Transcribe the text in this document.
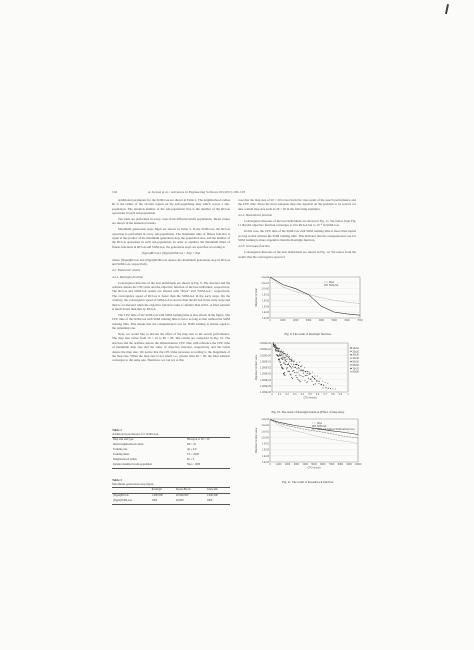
102	A. Kotsai et al. / Advances in Engineering Software 00 (2015) 100–103

Additional parameters for the SOM-GA are shown in Table 2. The neighborhood radius Rr is the radius of the circular region on the self-organizing map which covers a sub-population. The iteration number of the sub-population Nsp is the number of the RCGA operations in each sub-population.

Ten trials are performed in every cases from different initial populations. Mean values are shown in the numerical results.

Maximum generation steps Ngen are shown in Table 3. In the SOM-GA, the RCGA operation is performed in every sub-population. The maximum time of fitness function is equal to the product of the maximum generation step, the population size, and the number of the RCGA operations in each sub-population. In order to equalize the maximum times of fitness functions in RCGA and SOM-GA, the generation steps are specified according to

(Ngen)RCGA ≥ (Ngen)SOM-GA × Nsp × Nsp

where (Ngen)RCGA and (Ngen)SOM-GA denote the maximum generation step in RCGA and SOM-GA, respectively.

4.2. Numerical results

4.2.1. Rastrigin function

Convergence histories of the best individuals are shown in Fig. 9. The abscissa and the ordinate denote the CPU time and the objective function of the best individual, respectively. The RCGA and SOM-GA results are labeled with "RGA" and "SOM-GA", respectively. The convergence speed of RCGA is faster than the SOM-GA in the early steps. On the contrary, the convergence speed of SOM-GA is slower than the RCGA in the early steps and then is accelerated when the objective function value is smaller than 0.001. A final solution is much better than that by RCGA.

The CPU time of the SOM-GA with SOM training time is also shown in the figure. The CPU time of the SOM-GA with SOM training time is twice as long as that without the SOM training time. This means that the computational cost for SOM training is almost equal to the remaining one.

Next, we would like to discuss the effect of the map size to the search performance. The map size varies from 10 × 10 to 80 × 80. The results are compared in Fig. 10. The abscissa and the ordinate denote the dimensionless CPU time with reference the CPU time of maximum map size and the value of objective function, respectively and the labels denote the map size. We notice that the CPU time increases according to the magnitude of the map size. When the map size is not small, i.e., greater than 40 × 40, the final solution converges to the same one. Therefore, we can say at this

Table 2
Additional parameters for SOM-GA.
Map size and type	Hexagon of 20 × 20
Initial neighborhood radius	R0 = 10
Training rate	η0 = 0.9
Training times	TS = 1000
Neighborhood radius	Rr = 2
Iteration number in sub-population	Nsp = 1000
Table 3
Maximum generation step Ngen.
	Rastrigin	Rosen-Brock	Griewank
(Ngen)RCGA	1,000,000	20,000,000	1,000,000
(Ngen)SOM-GA	1000	20,000	1000

case that the map size of 20 × 20 is best from the view-point of the search performance and the CPU time. Since the most adequate map size depends on the problem to be solved, we take a small map size such as 20 × 20 in the following examples.

4.2.2. Rosenbrock function

Convergence histories of the best individuals are shown in Fig. 11. We notice from Fig. 11 that the objective function converges to 0 in RCGA but to 10⁻⁸ in SOM-GA.

In this case, the CPU time of the SOM-GA with SOM training time is more than tripled as long as that without the SOM training time. This indicates that the computational cost for SOM training is more expensive than the Rastrigin function.

4.2.3. Griewank function

Convergence histories of the best individuals are shown in Fig. 12. We notice from the results that the convergence speed of

1.E+02
1.E+01
1.E+00
1.E-01
1.E-02
1.E-03
1.E-04
1.E-05
0	1000	2000	3000	4000	5000	6000	7000
Objective function
RGA
SOM-GA
Fig. 9. The result of Rastrigin function.
1.000E+02
1.000E+01
1.000E+00
1.000E-01
1.000E-02
1.000E-03
1.000E-04
1.000E-05
1.000E-06
0 0.1 0.2 0.3 0.4 0.5 0.6 0.7 0.8 0.9 1
Objective function value
CPU time(s)
10x10
20x20
30x30
40x40
50x50
60x60
70x70
80x80
Fig. 10. The result of Rastrigin function (Effect of map size).
1.E+03
1.E+02
1.E+01
1.E+00
1.E-01
1.E-02
1.E-03
1.E-04
0 1000 2000 3000 4000 5000 6000 7000 8000 9000 10000
Objective function value
CPU time(s)
RGA
SOM-GA
SOM-GA (without SOM training time)
Fig. 11. The result of Rosenbrock function.
